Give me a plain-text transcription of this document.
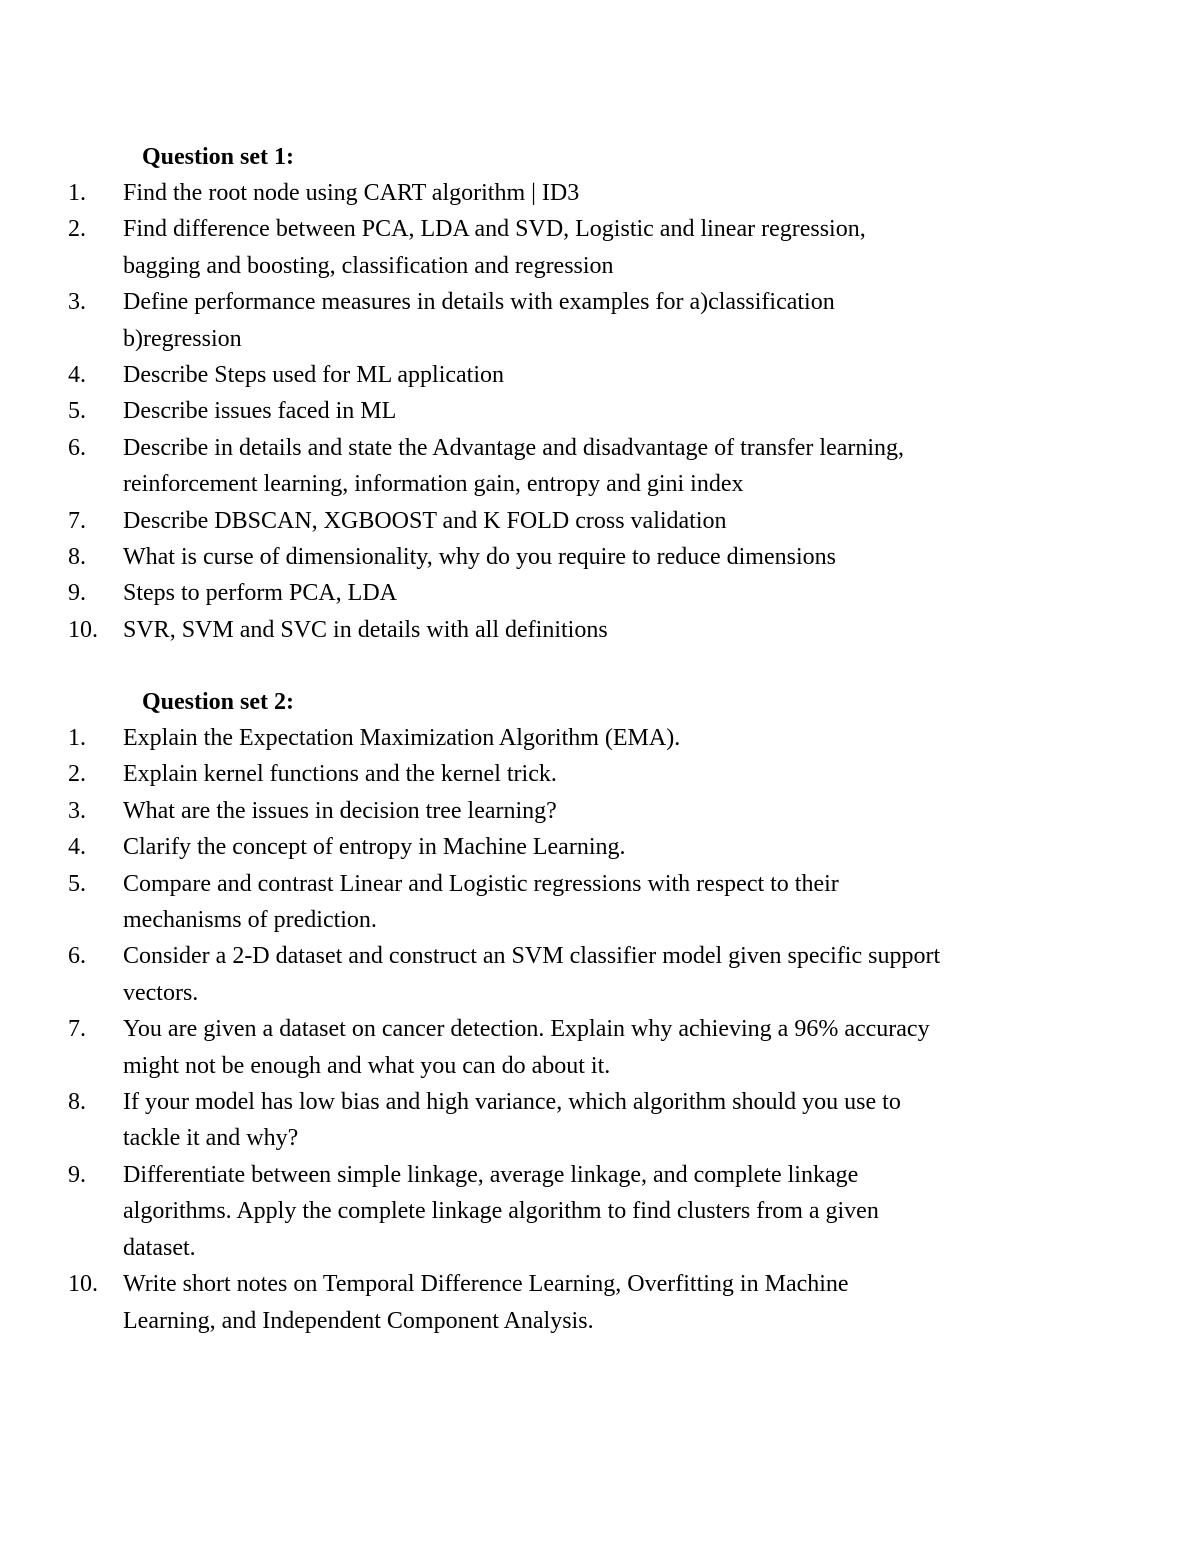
Question set 1:
1.	Find the root node using CART algorithm | ID3
2.	Find difference between PCA, LDA and SVD, Logistic and linear regression,
bagging and boosting, classification and regression
3.	Define performance measures in details with examples for a)classification
b)regression
4.	Describe Steps used for ML application
5.	Describe issues faced in ML
6.	Describe in details and state the Advantage and disadvantage of transfer learning,
reinforcement learning, information gain, entropy and gini index
7.	Describe DBSCAN, XGBOOST and K FOLD cross validation
8.	What is curse of dimensionality, why do you require to reduce dimensions
9.	Steps to perform PCA, LDA
10.	SVR, SVM and SVC in details with all definitions
Question set 2:
1.	Explain the Expectation Maximization Algorithm (EMA).
2.	Explain kernel functions and the kernel trick.
3.	What are the issues in decision tree learning?
4.	Clarify the concept of entropy in Machine Learning.
5.	Compare and contrast Linear and Logistic regressions with respect to their
mechanisms of prediction.
6.	Consider a 2-D dataset and construct an SVM classifier model given specific support
vectors.
7.	You are given a dataset on cancer detection. Explain why achieving a 96% accuracy
might not be enough and what you can do about it.
8.	If your model has low bias and high variance, which algorithm should you use to
tackle it and why?
9.	Differentiate between simple linkage, average linkage, and complete linkage
algorithms. Apply the complete linkage algorithm to find clusters from a given
dataset.
10.	Write short notes on Temporal Difference Learning, Overfitting in Machine
Learning, and Independent Component Analysis.
